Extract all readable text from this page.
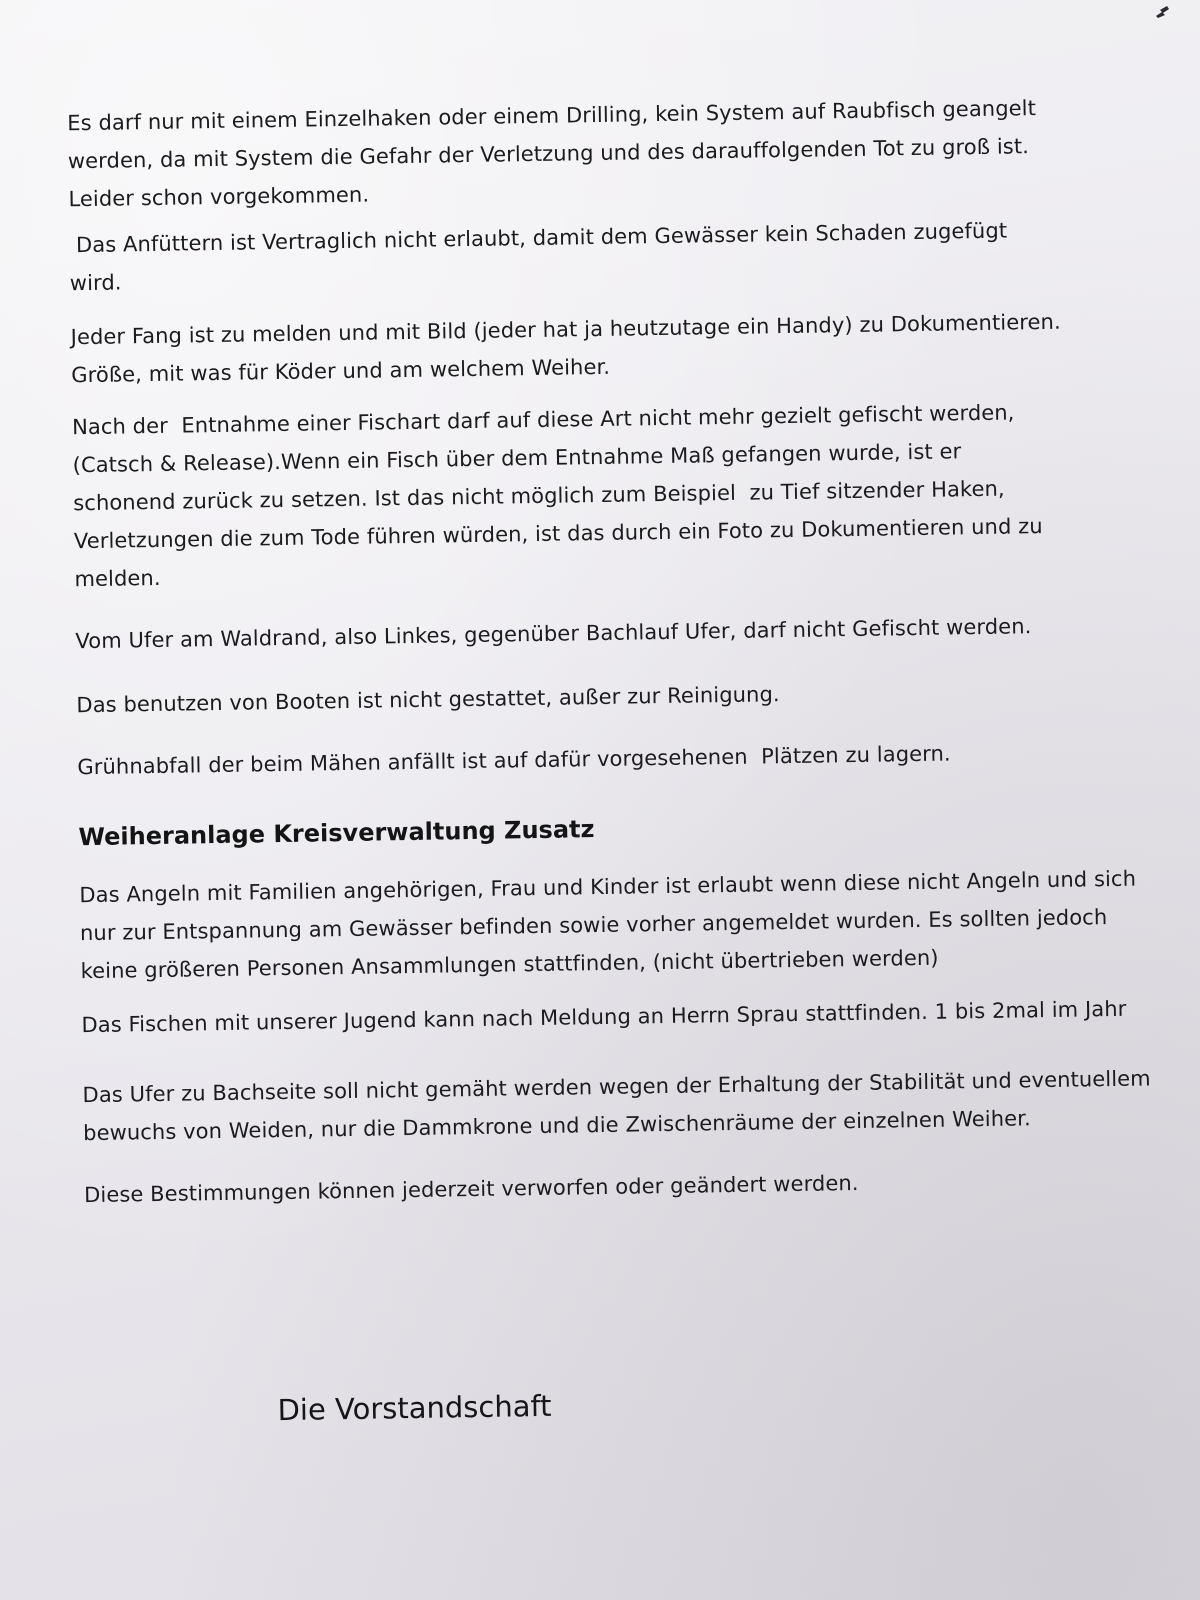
Es darf nur mit einem Einzelhaken oder einem Drilling, kein System auf Raubfisch geangelt
werden, da mit System die Gefahr der Verletzung und des darauffolgenden Tot zu groß ist.
Leider schon vorgekommen.
Das Anfüttern ist Vertraglich nicht erlaubt, damit dem Gewässer kein Schaden zugefügt
wird.
Jeder Fang ist zu melden und mit Bild (jeder hat ja heutzutage ein Handy) zu Dokumentieren.
Größe, mit was für Köder und am welchem Weiher.
Nach der  Entnahme einer Fischart darf auf diese Art nicht mehr gezielt gefischt werden,
(Catsch & Release).Wenn ein Fisch über dem Entnahme Maß gefangen wurde, ist er
schonend zurück zu setzen. Ist das nicht möglich zum Beispiel  zu Tief sitzender Haken,
Verletzungen die zum Tode führen würden, ist das durch ein Foto zu Dokumentieren und zu
melden.
Vom Ufer am Waldrand, also Linkes, gegenüber Bachlauf Ufer, darf nicht Gefischt werden.
Das benutzen von Booten ist nicht gestattet, außer zur Reinigung.
Grühnabfall der beim Mähen anfällt ist auf dafür vorgesehenen  Plätzen zu lagern.
Weiheranlage Kreisverwaltung Zusatz
Das Angeln mit Familien angehörigen, Frau und Kinder ist erlaubt wenn diese nicht Angeln und sich
nur zur Entspannung am Gewässer befinden sowie vorher angemeldet wurden. Es sollten jedoch
keine größeren Personen Ansammlungen stattfinden, (nicht übertrieben werden)
Das Fischen mit unserer Jugend kann nach Meldung an Herrn Sprau stattfinden. 1 bis 2mal im Jahr
Das Ufer zu Bachseite soll nicht gemäht werden wegen der Erhaltung der Stabilität und eventuellem
bewuchs von Weiden, nur die Dammkrone und die Zwischenräume der einzelnen Weiher.
Diese Bestimmungen können jederzeit verworfen oder geändert werden.
Die Vorstandschaft
